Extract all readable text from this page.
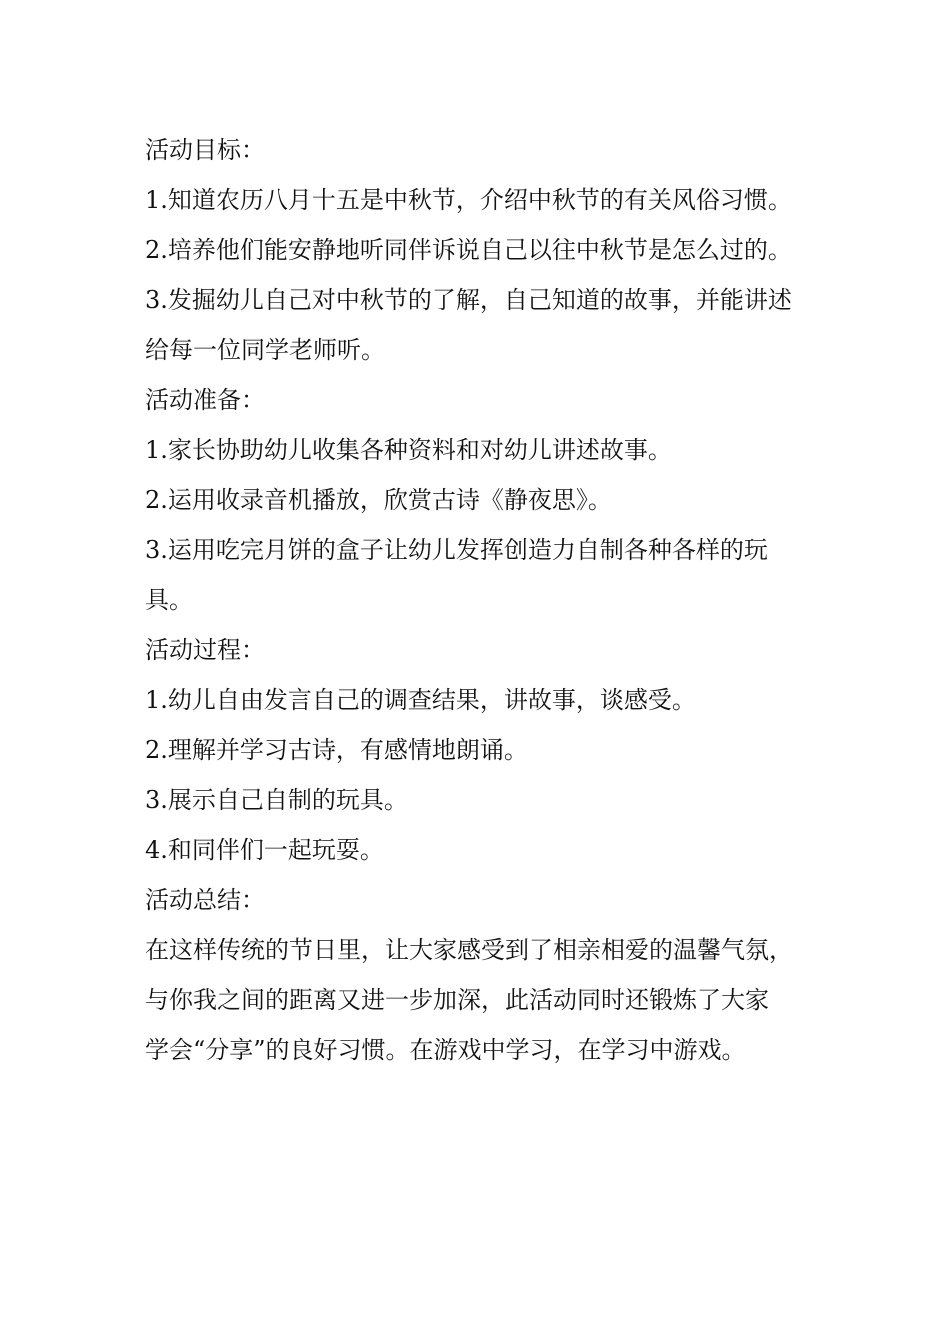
活动目标：
1.知道农历八月十五是中秋节，介绍中秋节的有关风俗习惯。
2.培养他们能安静地听同伴诉说自己以往中秋节是怎么过的。
3.发掘幼儿自己对中秋节的了解，自己知道的故事，并能讲述
给每一位同学老师听。
活动准备：
1.家长协助幼儿收集各种资料和对幼儿讲述故事。
2.运用收录音机播放，欣赏古诗《静夜思》。
3.运用吃完月饼的盒子让幼儿发挥创造力自制各种各样的玩
具。
活动过程：
1.幼儿自由发言自己的调查结果，讲故事，谈感受。
2.理解并学习古诗，有感情地朗诵。
3.展示自己自制的玩具。
4.和同伴们一起玩耍。
活动总结：
在这样传统的节日里，让大家感受到了相亲相爱的温馨气氛，
与你我之间的距离又进一步加深，此活动同时还锻炼了大家
学会“分享”的良好习惯。在游戏中学习，在学习中游戏。
